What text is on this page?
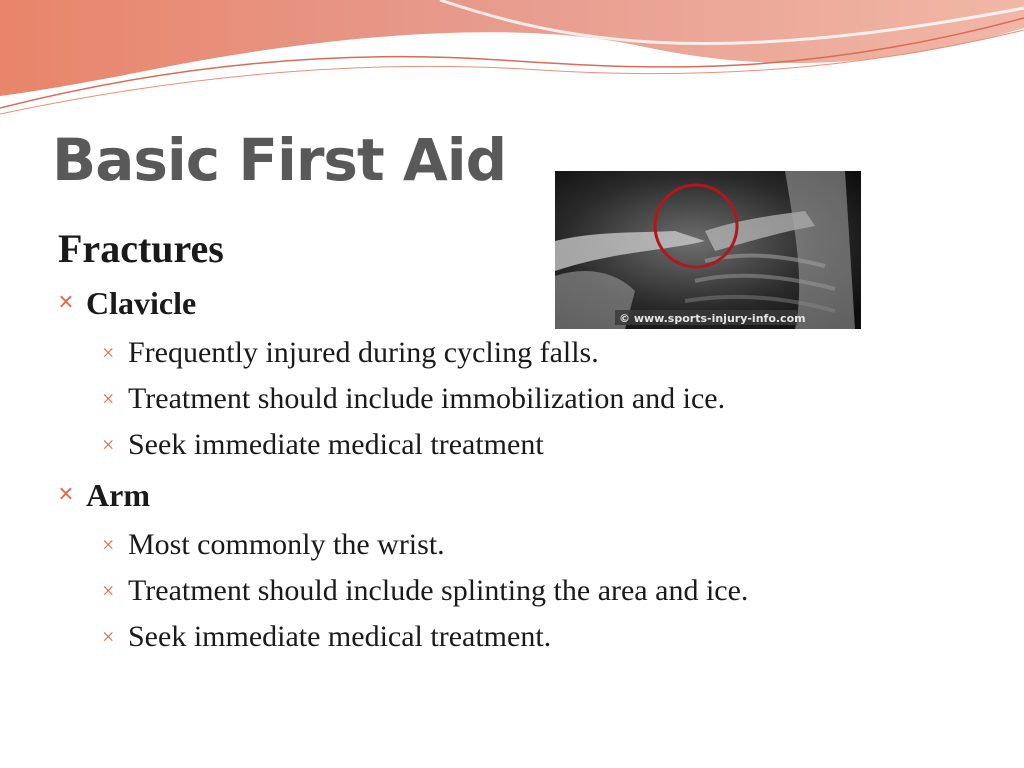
Basic First Aid
© www.sports-injury-info.com
Fractures
× Clavicle
× Frequently injured during cycling falls.
× Treatment should include immobilization and ice.
× Seek immediate medical treatment
× Arm
× Most commonly the wrist.
× Treatment should include splinting the area and ice.
× Seek immediate medical treatment.
